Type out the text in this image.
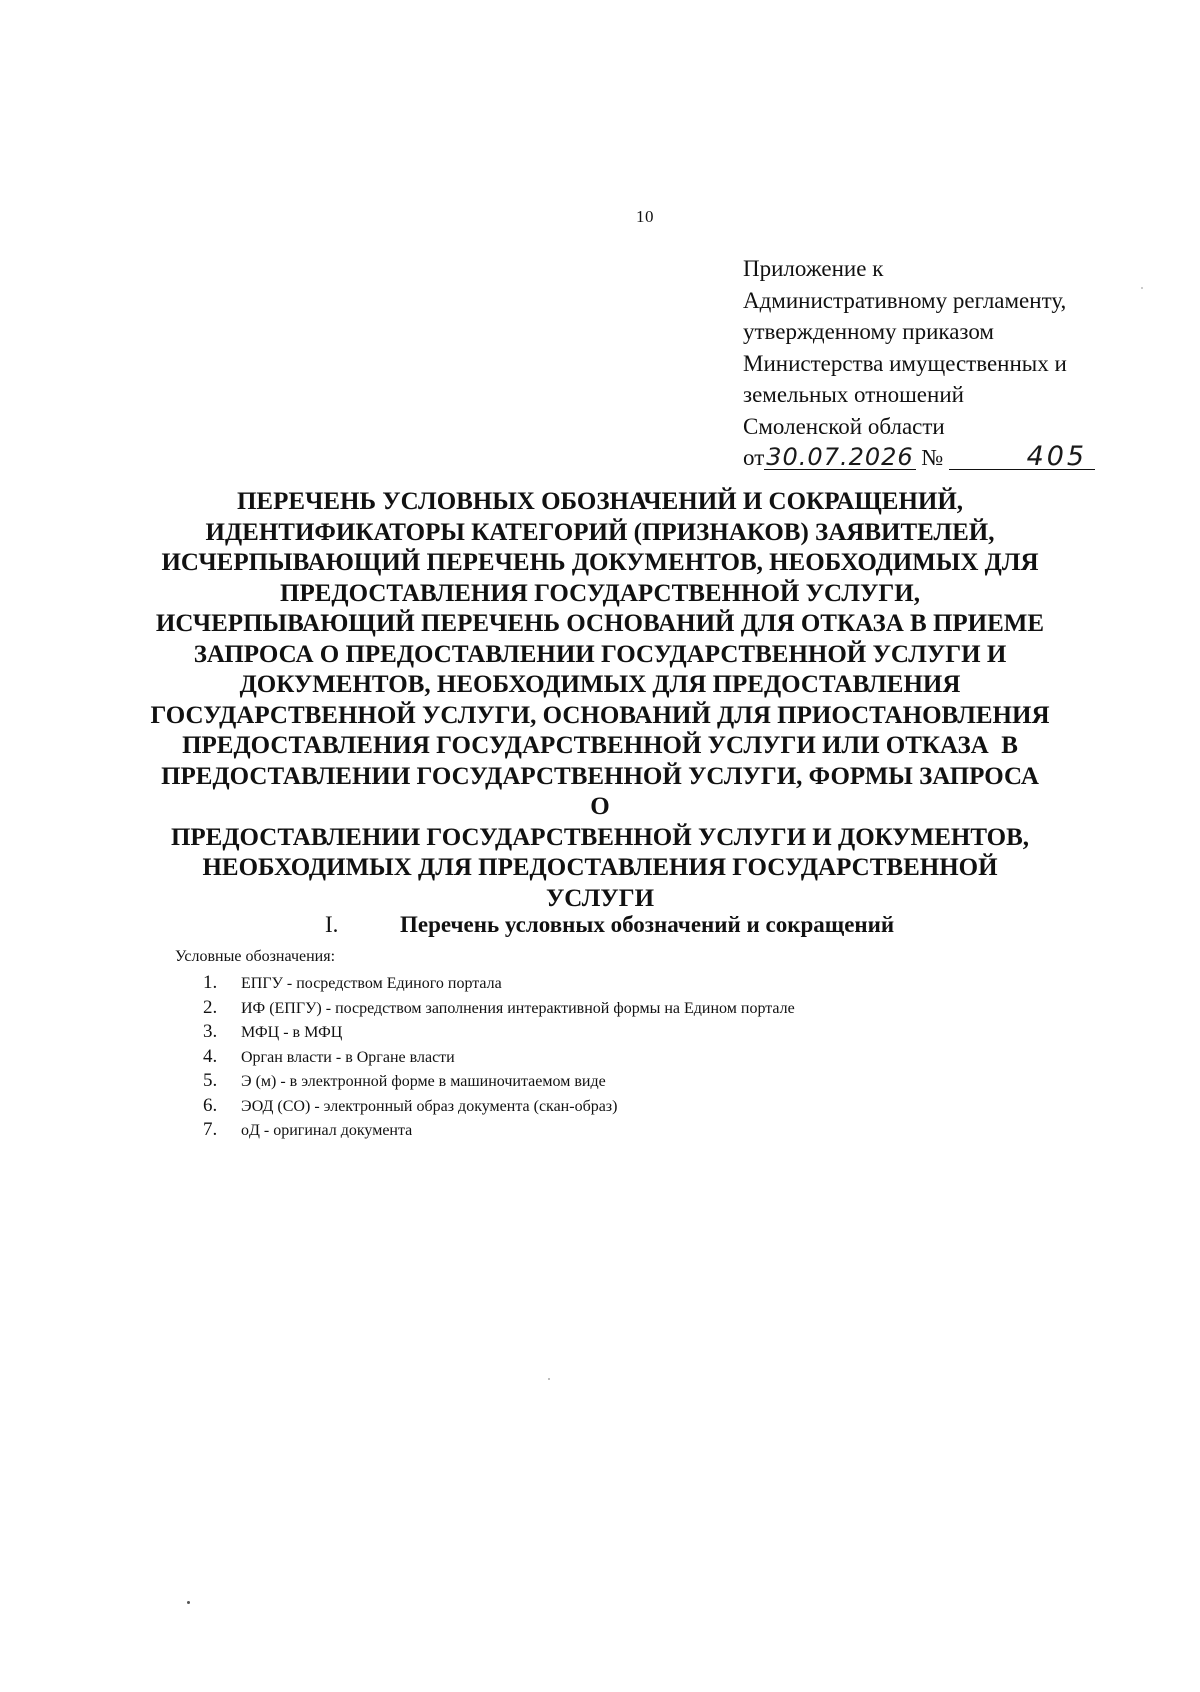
10
Приложение к
Административному регламенту,
утвержденному приказом
Министерства имущественных и
земельных отношений
Смоленской области
от30.07.2026 №	405
ПЕРЕЧЕНЬ УСЛОВНЫХ ОБОЗНАЧЕНИЙ И СОКРАЩЕНИЙ,
ИДЕНТИФИКАТОРЫ КАТЕГОРИЙ (ПРИЗНАКОВ) ЗАЯВИТЕЛЕЙ,
ИСЧЕРПЫВАЮЩИЙ ПЕРЕЧЕНЬ ДОКУМЕНТОВ, НЕОБХОДИМЫХ ДЛЯ
ПРЕДОСТАВЛЕНИЯ ГОСУДАРСТВЕННОЙ УСЛУГИ,
ИСЧЕРПЫВАЮЩИЙ ПЕРЕЧЕНЬ ОСНОВАНИЙ ДЛЯ ОТКАЗА В ПРИЕМЕ
ЗАПРОСА О ПРЕДОСТАВЛЕНИИ ГОСУДАРСТВЕННОЙ УСЛУГИ И
ДОКУМЕНТОВ, НЕОБХОДИМЫХ ДЛЯ ПРЕДОСТАВЛЕНИЯ
ГОСУДАРСТВЕННОЙ УСЛУГИ, ОСНОВАНИЙ ДЛЯ ПРИОСТАНОВЛЕНИЯ
ПРЕДОСТАВЛЕНИЯ ГОСУДАРСТВЕННОЙ УСЛУГИ ИЛИ ОТКАЗА  В
ПРЕДОСТАВЛЕНИИ ГОСУДАРСТВЕННОЙ УСЛУГИ, ФОРМЫ ЗАПРОСА О
ПРЕДОСТАВЛЕНИИ ГОСУДАРСТВЕННОЙ УСЛУГИ И ДОКУМЕНТОВ,
НЕОБХОДИМЫХ ДЛЯ ПРЕДОСТАВЛЕНИЯ ГОСУДАРСТВЕННОЙ
УСЛУГИ
I.	Перечень условных обозначений и сокращений
Условные обозначения:
1. ЕПГУ - посредством Единого портала
2. ИФ (ЕПГУ) - посредством заполнения интерактивной формы на Едином портале
3. МФЦ - в МФЦ
4. Орган власти - в Органе власти
5. Э (м) - в электронной форме в машиночитаемом виде
6. ЭОД (СО) - электронный образ документа (скан-образ)
7. оД - оригинал документа
